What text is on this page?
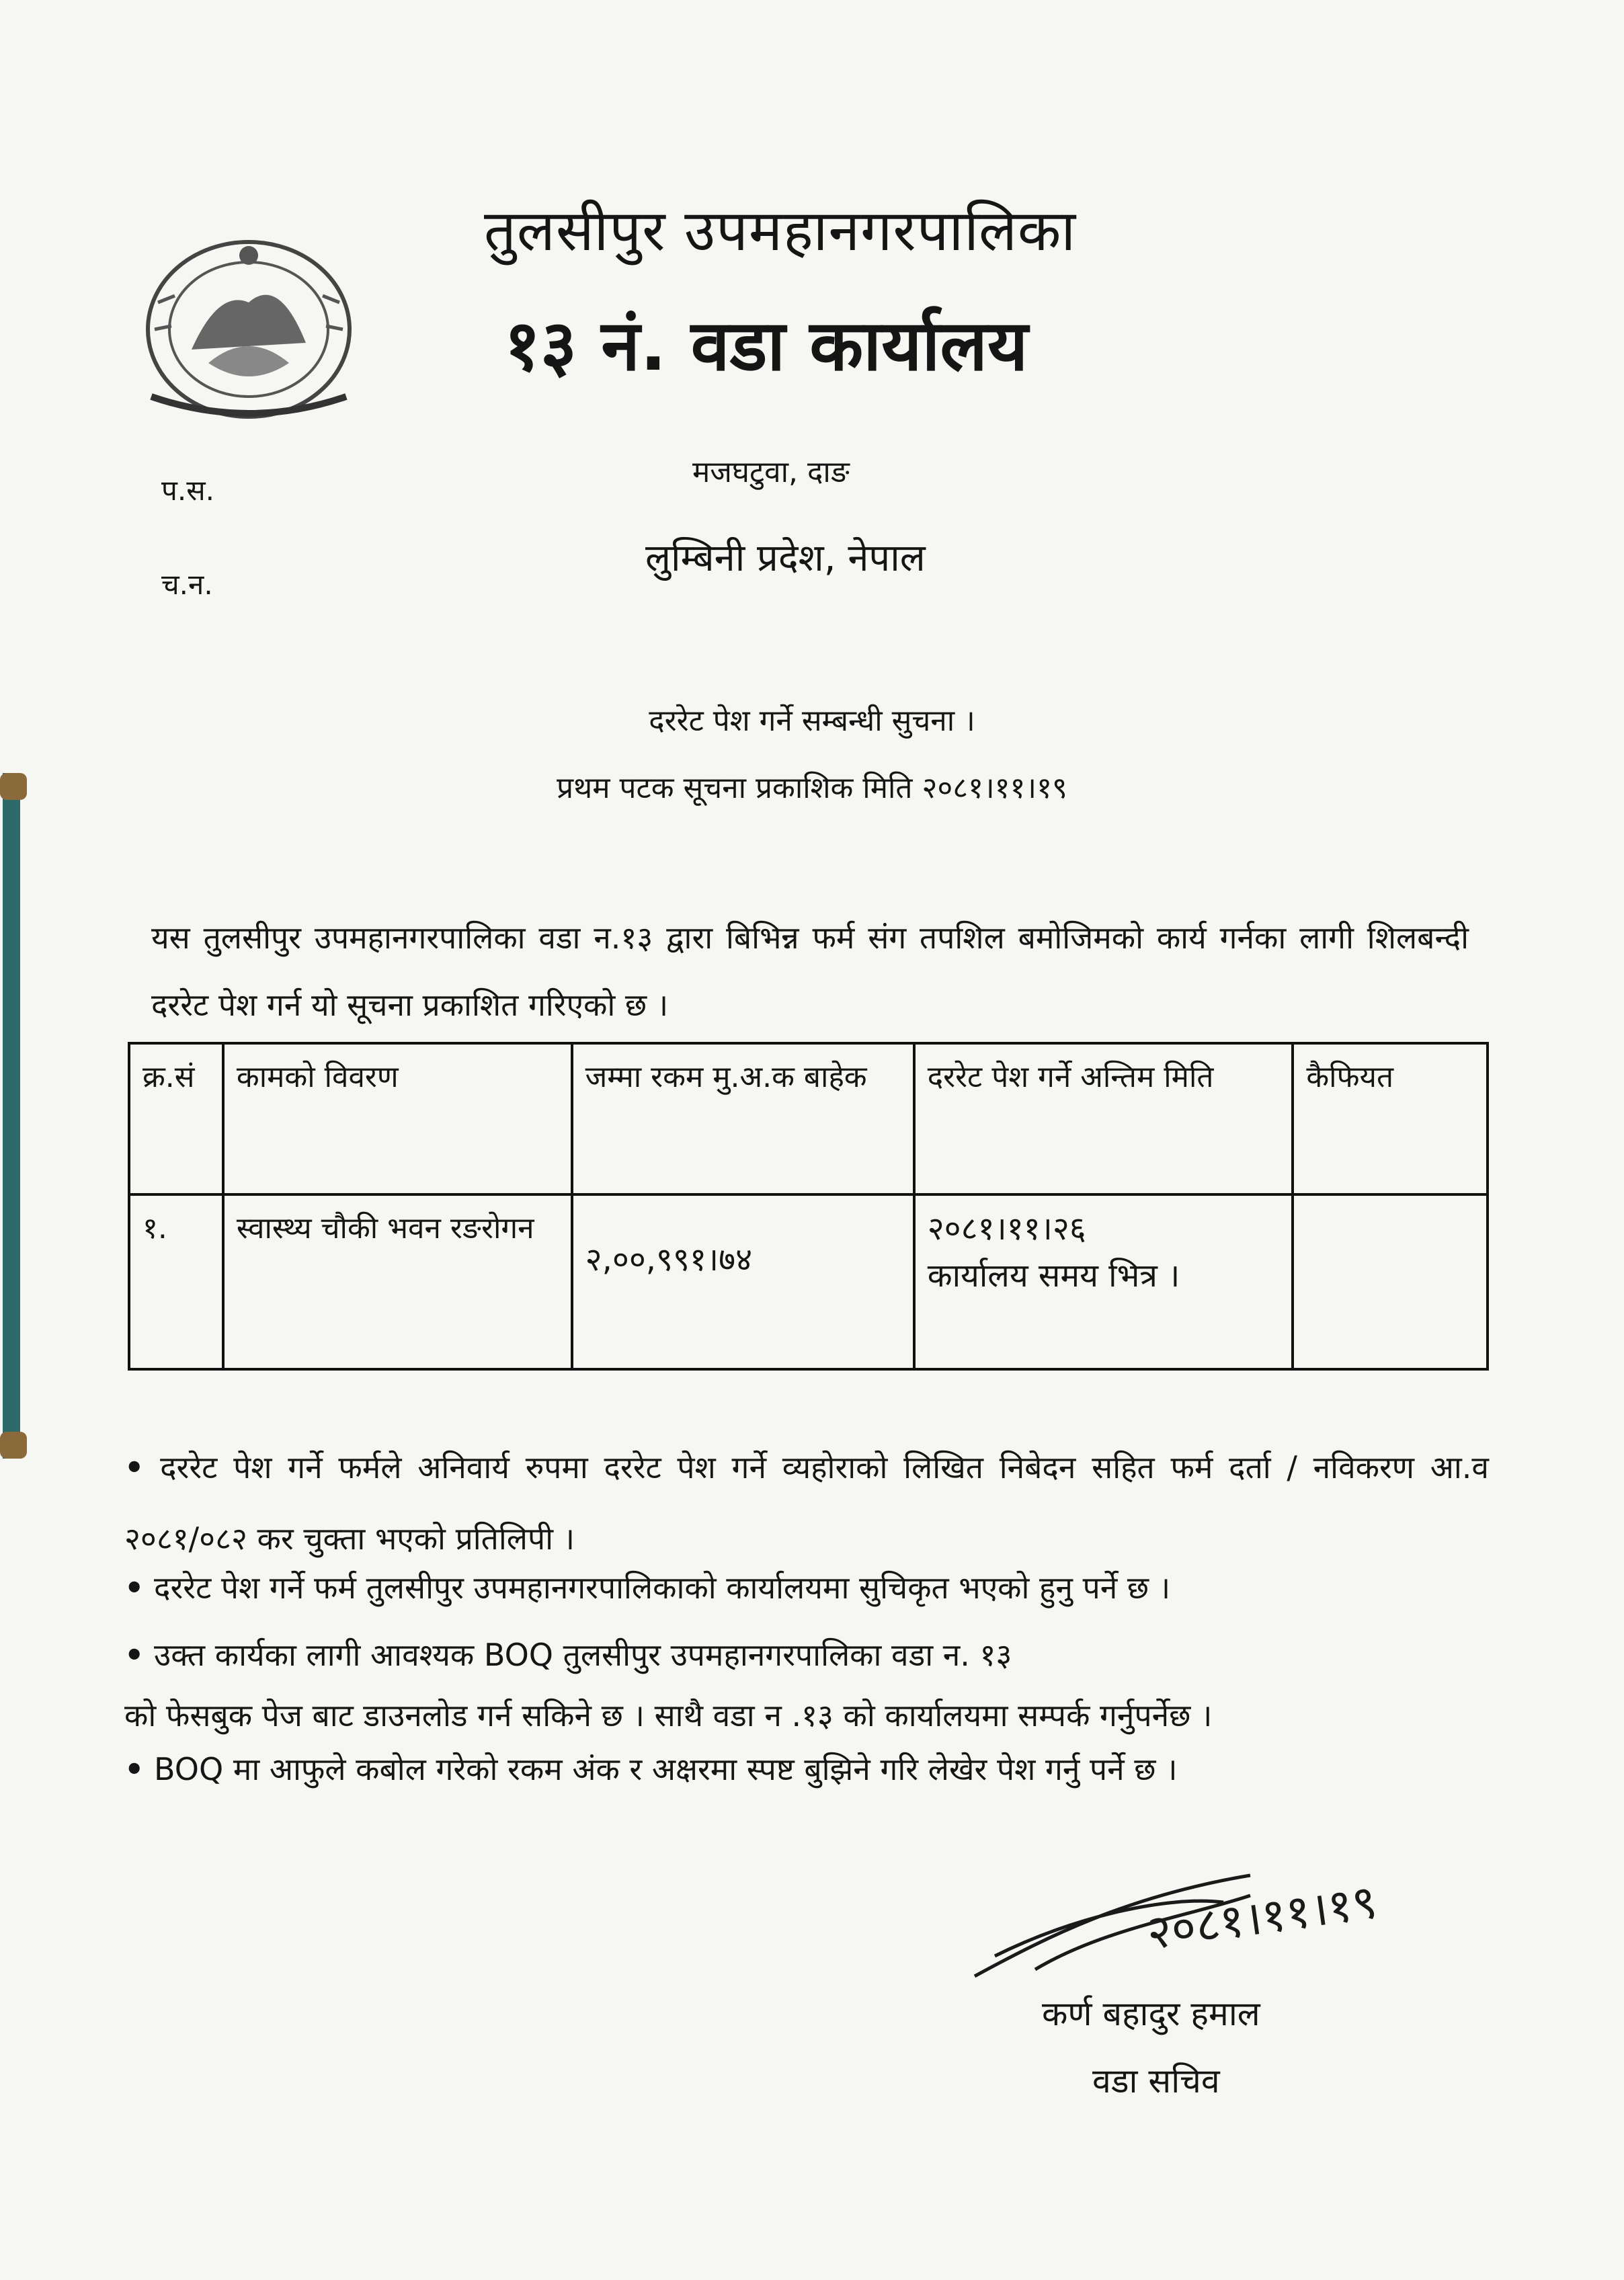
तुलसीपुर उपमहानगरपालिका
१३ नं. वडा कार्यालय
प.स.
मजघटुवा, दाङ
च.न.
लुम्बिनी प्रदेश, नेपाल
दररेट पेश गर्ने सम्बन्धी सुचना ।
प्रथम पटक सूचना प्रकाशिक मिति २०८१।११।१९
यस तुलसीपुर उपमहानगरपालिका वडा न.१३ द्वारा बिभिन्न फर्म संग तपशिल बमोजिमको कार्य गर्नका लागी शिलबन्दी दररेट पेश गर्न यो सूचना प्रकाशित गरिएको छ ।
क्र.सं	कामको विवरण	जम्मा रकम मु.अ.क बाहेक	दररेट पेश गर्ने अन्तिम मिति	कैफियत
१.	स्वास्थ्य चौकी भवन रङरोगन	२,००,९९१।७४	२०८१।११।२६
कार्यालय समय भित्र ।	

• दररेट पेश गर्ने फर्मले अनिवार्य रुपमा दररेट पेश गर्ने व्यहोराको लिखित निबेदन सहित फर्म दर्ता / नविकरण आ.व २०८१/०८२ कर चुक्ता भएको प्रतिलिपी ।
• दररेट पेश गर्ने फर्म तुलसीपुर उपमहानगरपालिकाको कार्यालयमा सुचिकृत भएको हुनु पर्ने छ ।
• उक्त कार्यका लागी आवश्यक BOQ तुलसीपुर उपमहानगरपालिका वडा न. १३
को फेसबुक पेज बाट डाउनलोड गर्न सकिने छ । साथै वडा न .१३ को कार्यालयमा सम्पर्क गर्नुपर्नेछ ।
• BOQ मा आफुले कबोल गरेको रकम अंक र अक्षरमा स्पष्ट बुझिने गरि लेखेर पेश गर्नु पर्ने छ ।
२०८१।११।१९
कर्ण बहादुर हमाल
वडा सचिव
